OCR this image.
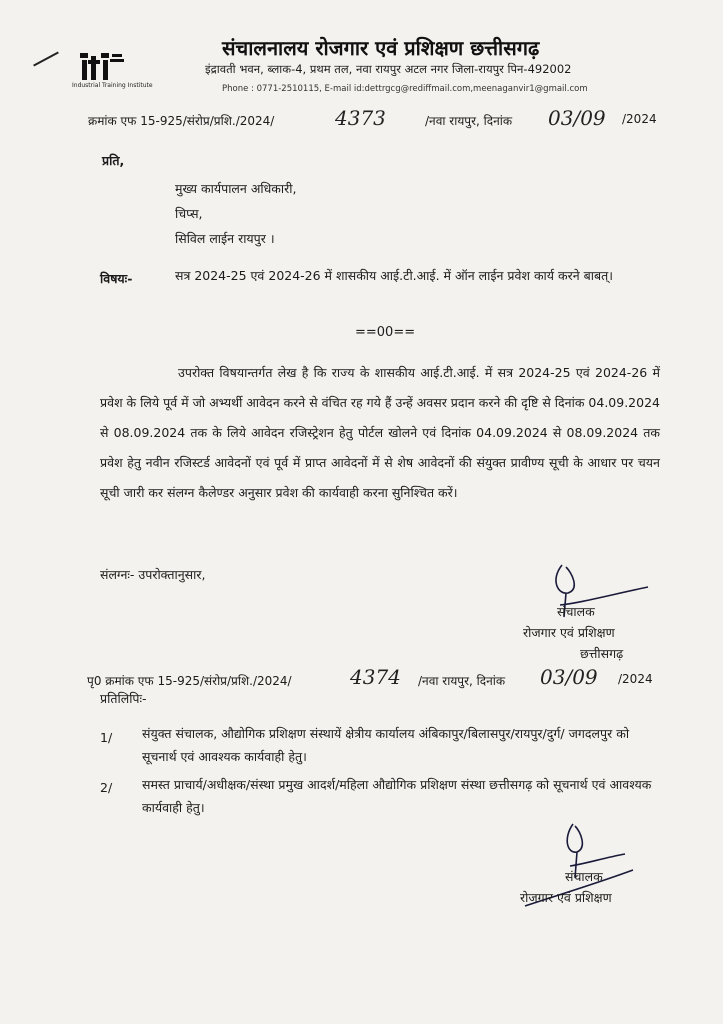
Industrial Training Institute
संचालनालय रोजगार एवं प्रशिक्षण छत्तीसगढ़
इंद्रावती भवन, ब्लाक-4, प्रथम तल, नवा रायपुर अटल नगर जिला-रायपुर पिन-492002
Phone : 0771-2510115, E-mail id:dettrgcg@rediffmail.com,meenaganvir1@gmail.com
क्रमांक एफ 15-925/संरोप्र/प्रशि./2024/	4373	/नवा रायपुर, दिनांक 03/09 /2024
प्रति,
मुख्य कार्यपालन अधिकारी,
चिप्स,
सिविल लाईन रायपुर ।
विषयः-	सत्र 2024-25 एवं 2024-26 में शासकीय आई.टी.आई. में ऑन लाईन प्रवेश कार्य करने बाबत्।
==00==
उपरोक्त विषयान्तर्गत लेख है कि राज्य के शासकीय आई.टी.आई. में सत्र 2024-25 एवं 2024-26 में प्रवेश के लिये पूर्व में जो अभ्यर्थी आवेदन करने से वंचित रह गये हैं उन्हें अवसर प्रदान करने की दृष्टि से दिनांक 04.09.2024 से 08.09.2024 तक के लिये आवेदन रजिस्ट्रेशन हेतु पोर्टल खोलने एवं दिनांक 04.09.2024 से 08.09.2024 तक प्रवेश हेतु नवीन रजिस्टर्ड आवेदनों एवं पूर्व में प्राप्त आवेदनों में से शेष आवेदनों की संयुक्त प्रावीण्य सूची के आधार पर चयन सूची जारी कर संलग्न कैलेण्डर अनुसार प्रवेश की कार्यवाही करना सुनिश्चित करें।
संलग्नः- उपरोक्तानुसार,
संचालक
रोजगार एवं प्रशिक्षण
छत्तीसगढ़
पृ0 क्रमांक एफ 15-925/संरोप्र/प्रशि./2024/	4374 /नवा रायपुर, दिनांक 03/09 /2024
प्रतिलिपिः-
1/ संयुक्त संचालक, औद्योगिक प्रशिक्षण संस्थायें क्षेत्रीय कार्यालय अंबिकापुर/बिलासपुर/रायपुर/दुर्ग/ जगदलपुर को सूचनार्थ एवं आवश्यक कार्यवाही हेतु।
2/ समस्त प्राचार्य/अधीक्षक/संस्था प्रमुख आदर्श/महिला औद्योगिक प्रशिक्षण संस्था छत्तीसगढ़ को सूचनार्थ एवं आवश्यक कार्यवाही हेतु।
संचालक
रोजगार एवं प्रशिक्षण
